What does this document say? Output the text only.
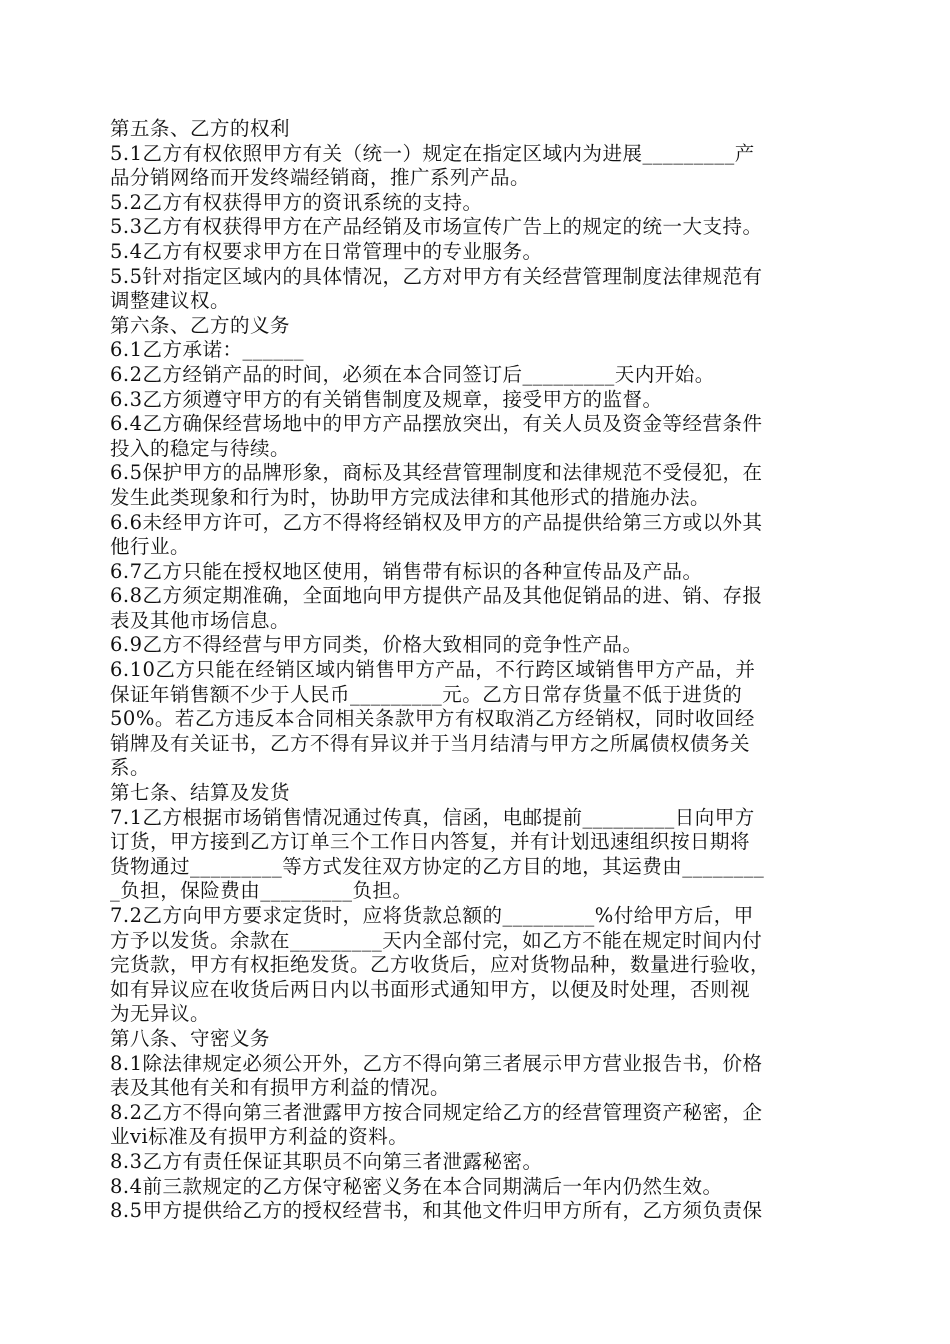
第五条、乙方的权利
5.1乙方有权依照甲方有关（统一）规定在指定区域内为进展_________产
品分销网络而开发终端经销商，推广系列产品。
5.2乙方有权获得甲方的资讯系统的支持。
5.3乙方有权获得甲方在产品经销及市场宣传广告上的规定的统一大支持。
5.4乙方有权要求甲方在日常管理中的专业服务。
5.5针对指定区域内的具体情况，乙方对甲方有关经营管理制度法律规范有
调整建议权。
第六条、乙方的义务
6.1乙方承诺：______
6.2乙方经销产品的时间，必须在本合同签订后_________天内开始。
6.3乙方须遵守甲方的有关销售制度及规章，接受甲方的监督。
6.4乙方确保经营场地中的甲方产品摆放突出，有关人员及资金等经营条件
投入的稳定与待续。
6.5保护甲方的品牌形象，商标及其经营管理制度和法律规范不受侵犯，在
发生此类现象和行为时，协助甲方完成法律和其他形式的措施办法。
6.6未经甲方许可，乙方不得将经销权及甲方的产品提供给第三方或以外其
他行业。
6.7乙方只能在授权地区使用，销售带有标识的各种宣传品及产品。
6.8乙方须定期准确，全面地向甲方提供产品及其他促销品的进、销、存报
表及其他市场信息。
6.9乙方不得经营与甲方同类，价格大致相同的竞争性产品。
6.10乙方只能在经销区域内销售甲方产品，不行跨区域销售甲方产品，并
保证年销售额不少于人民币_________元。乙方日常存货量不低于进货的
50%。若乙方违反本合同相关条款甲方有权取消乙方经销权，同时收回经
销牌及有关证书，乙方不得有异议并于当月结清与甲方之所属债权债务关
系。
第七条、结算及发货
7.1乙方根据市场销售情况通过传真，信函，电邮提前_________日向甲方
订货，甲方接到乙方订单三个工作日内答复，并有计划迅速组织按日期将
货物通过_________等方式发往双方协定的乙方目的地，其运费由________
_负担，保险费由_________负担。
7.2乙方向甲方要求定货时，应将货款总额的_________%付给甲方后，甲
方予以发货。余款在_________天内全部付完，如乙方不能在规定时间内付
完货款，甲方有权拒绝发货。乙方收货后，应对货物品种，数量进行验收，
如有异议应在收货后两日内以书面形式通知甲方，以便及时处理，否则视
为无异议。
第八条、守密义务
8.1除法律规定必须公开外，乙方不得向第三者展示甲方营业报告书，价格
表及其他有关和有损甲方利益的情况。
8.2乙方不得向第三者泄露甲方按合同规定给乙方的经营管理资产秘密，企
业vi标准及有损甲方利益的资料。
8.3乙方有责任保证其职员不向第三者泄露秘密。
8.4前三款规定的乙方保守秘密义务在本合同期满后一年内仍然生效。
8.5甲方提供给乙方的授权经营书，和其他文件归甲方所有，乙方须负责保
